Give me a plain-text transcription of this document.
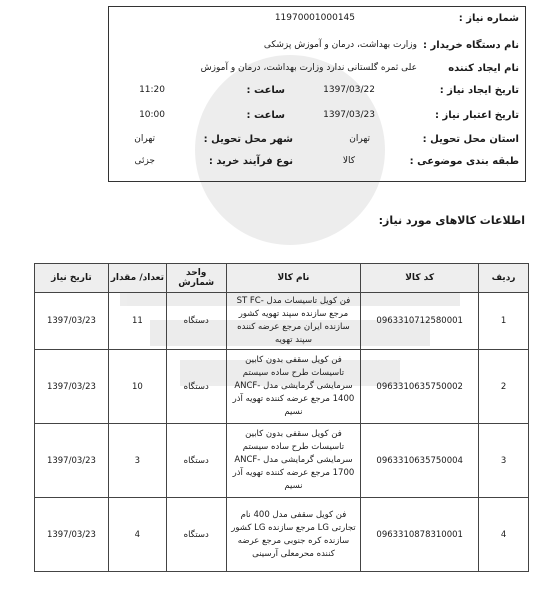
شماره نیاز :
11970001000145
نام دستگاه خریدار :
وزارت بهداشت، درمان و آموزش پزشکی
نام ایجاد کننده
علی ثمره گلستانی ندارد وزارت بهداشت، درمان و آموزش
تاریخ ایجاد نیاز :
1397/03/22
ساعت :
11:20
تاریخ اعتبار نیاز :
1397/03/23
ساعت :
10:00
استان محل تحویل :
تهران
شهر محل تحویل :
تهران
طبقه بندی موضوعی :
کالا
نوع فرآیند خرید :
جزئی
اطلاعات کالاهای مورد نیاز:
ردیف	کد کالا	نام کالا	واحد شمارش	تعداد/ مقدار	تاریخ نیاز
1	0963310712580001	فن کویل تاسیسات مدل -ST FC مرجع سازنده سپند تهویه کشور سازنده ایران مرجع عرضه کننده سپند تهویه	دستگاه	11	1397/03/23
2	0963310635750002	فن کویل سقفی بدون کابین تاسیسات طرح ساده سیستم سرمایشی گرمایشی مدل ANCF-1400 مرجع عرضه کننده تهویه آذر نسیم	دستگاه	10	1397/03/23
3	0963310635750004	فن کویل سقفی بدون کابین تاسیسات طرح ساده سیستم سرمایشی گرمایشی مدل ANCF-1700 مرجع عرضه کننده تهویه آذر نسیم	دستگاه	3	1397/03/23
4	0963310878310001	فن کویل سقفی مدل 400 نام تجارتی LG مرجع سازنده LG کشور سازنده کره جنوبی مرجع عرضه کننده محرمعلی آرسینی	دستگاه	4	1397/03/23
